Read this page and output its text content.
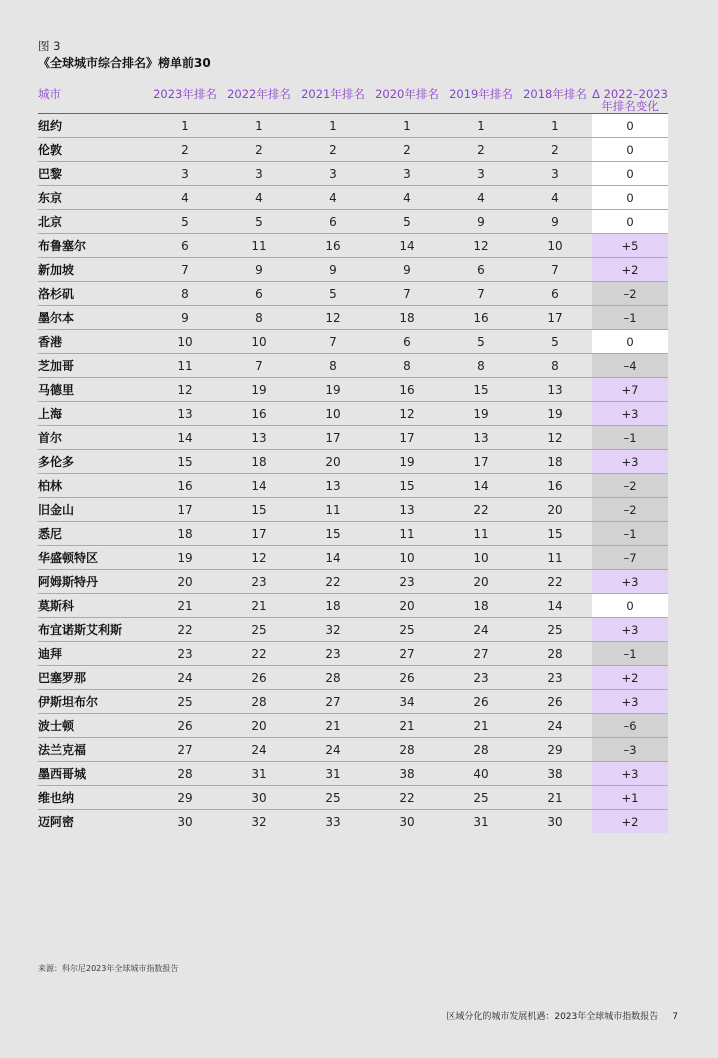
图 3
《全球城市综合排名》榜单前30
城市	2023年排名	2022年排名	2021年排名	2020年排名	2019年排名	2018年排名	Δ 2022–2023年排名变化
纽约	1	1	1	1	1	1	0
伦敦	2	2	2	2	2	2	0
巴黎	3	3	3	3	3	3	0
东京	4	4	4	4	4	4	0
北京	5	5	6	5	9	9	0
布鲁塞尔	6	11	16	14	12	10	+5
新加坡	7	9	9	9	6	7	+2
洛杉矶	8	6	5	7	7	6	–2
墨尔本	9	8	12	18	16	17	–1
香港	10	10	7	6	5	5	0
芝加哥	11	7	8	8	8	8	–4
马德里	12	19	19	16	15	13	+7
上海	13	16	10	12	19	19	+3
首尔	14	13	17	17	13	12	–1
多伦多	15	18	20	19	17	18	+3
柏林	16	14	13	15	14	16	–2
旧金山	17	15	11	13	22	20	–2
悉尼	18	17	15	11	11	15	–1
华盛顿特区	19	12	14	10	10	11	–7
阿姆斯特丹	20	23	22	23	20	22	+3
莫斯科	21	21	18	20	18	14	0
布宜诺斯艾利斯	22	25	32	25	24	25	+3
迪拜	23	22	23	27	27	28	–1
巴塞罗那	24	26	28	26	23	23	+2
伊斯坦布尔	25	28	27	34	26	26	+3
波士顿	26	20	21	21	21	24	–6
法兰克福	27	24	24	28	28	29	–3
墨西哥城	28	31	31	38	40	38	+3
维也纳	29	30	25	22	25	21	+1
迈阿密	30	32	33	30	31	30	+2
来源：科尔尼2023年全球城市指数报告
区域分化的城市发展机遇：2023年全球城市指数报告 7
